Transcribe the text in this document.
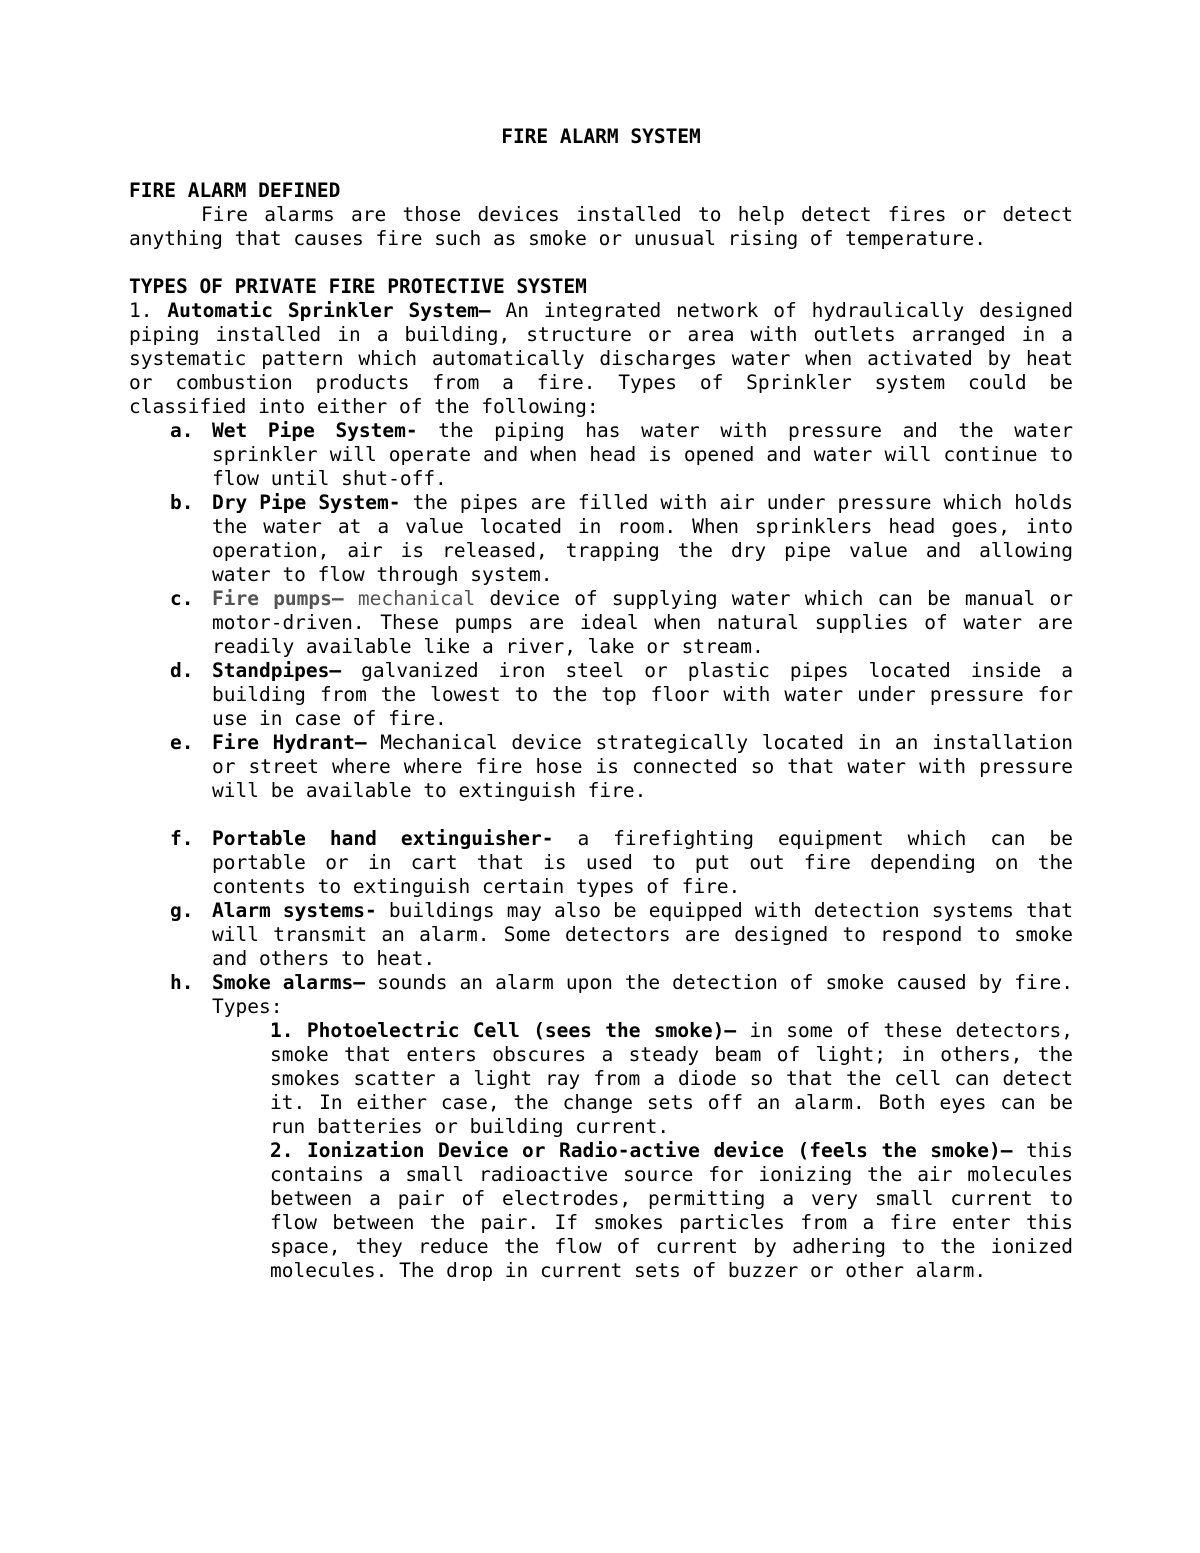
FIRE ALARM SYSTEM
FIRE ALARM DEFINED

Fire alarms are those devices installed to help detect fires or detect anything that causes fire such as smoke or unusual rising of temperature.

TYPES OF PRIVATE FIRE PROTECTIVE SYSTEM

1. Automatic Sprinkler System– An integrated network of hydraulically designed piping installed in a building, structure or area with outlets arranged in a systematic pattern which automatically discharges water when activated by heat or combustion products from a fire. Types of Sprinkler system could be classified into either of the following:

a. Wet Pipe System- the piping has water with pressure and the water sprinkler will operate and when head is opened and water will continue to flow until shut-off.
b. Dry Pipe System- the pipes are filled with air under pressure which holds the water at a value located in room. When sprinklers head goes, into operation, air is released, trapping the dry pipe value and allowing water to flow through system.
c. Fire pumps– mechanical device of supplying water which can be manual or motor-driven. These pumps are ideal when natural supplies of water are readily available like a river, lake or stream.
d. Standpipes– galvanized iron steel or plastic pipes located inside a building from the lowest to the top floor with water under pressure for use in case of fire.
e. Fire Hydrant– Mechanical device strategically located in an installation or street where where fire hose is connected so that water with pressure will be available to extinguish fire.
f. Portable hand extinguisher- a firefighting equipment which can be portable or in cart that is used to put out fire depending on the contents to extinguish certain types of fire.
g. Alarm systems- buildings may also be equipped with detection systems that will transmit an alarm. Some detectors are designed to respond to smoke and others to heat.
h. Smoke alarms– sounds an alarm upon the detection of smoke caused by fire. Types:
1. Photoelectric Cell (sees the smoke)– in some of these detectors, smoke that enters obscures a steady beam of light; in others, the smokes scatter a light ray from a diode so that the cell can detect it. In either case, the change sets off an alarm. Both eyes can be run batteries or building current.
2. Ionization Device or Radio-active device (feels the smoke)– this contains a small radioactive source for ionizing the air molecules between a pair of electrodes, permitting a very small current to flow between the pair. If smokes particles from a fire enter this space, they reduce the flow of current by adhering to the ionized molecules. The drop in current sets of buzzer or other alarm.
